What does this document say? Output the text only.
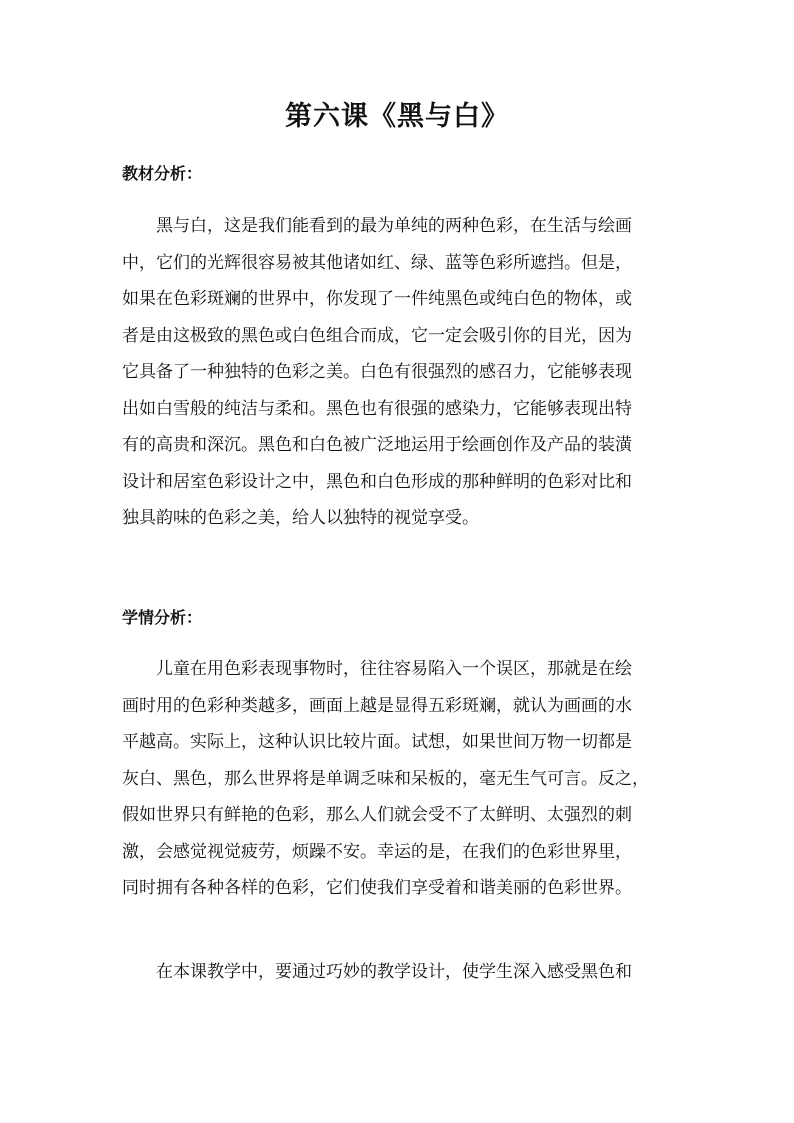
第六课《黑与白》
教材分析：

　　黑与白，这是我们能看到的最为单纯的两种色彩，在生活与绘画
中，它们的光辉很容易被其他诸如红、绿、蓝等色彩所遮挡。但是，
如果在色彩斑斓的世界中，你发现了一件纯黑色或纯白色的物体，或
者是由这极致的黑色或白色组合而成，它一定会吸引你的目光，因为
它具备了一种独特的色彩之美。白色有很强烈的感召力，它能够表现
出如白雪般的纯洁与柔和。黑色也有很强的感染力，它能够表现出特
有的高贵和深沉。黑色和白色被广泛地运用于绘画创作及产品的装潢
设计和居室色彩设计之中，黑色和白色形成的那种鲜明的色彩对比和
独具韵味的色彩之美，给人以独特的视觉享受。

学情分析：

　　儿童在用色彩表现事物时，往往容易陷入一个误区，那就是在绘
画时用的色彩种类越多，画面上越是显得五彩斑斓，就认为画画的水
平越高。实际上，这种认识比较片面。试想，如果世间万物一切都是
灰白、黑色，那么世界将是单调乏味和呆板的，毫无生气可言。反之，
假如世界只有鲜艳的色彩，那么人们就会受不了太鲜明、太强烈的刺
激，会感觉视觉疲劳，烦躁不安。幸运的是，在我们的色彩世界里，
同时拥有各种各样的色彩，它们使我们享受着和谐美丽的色彩世界。

　　在本课教学中，要通过巧妙的教学设计，使学生深入感受黑色和
